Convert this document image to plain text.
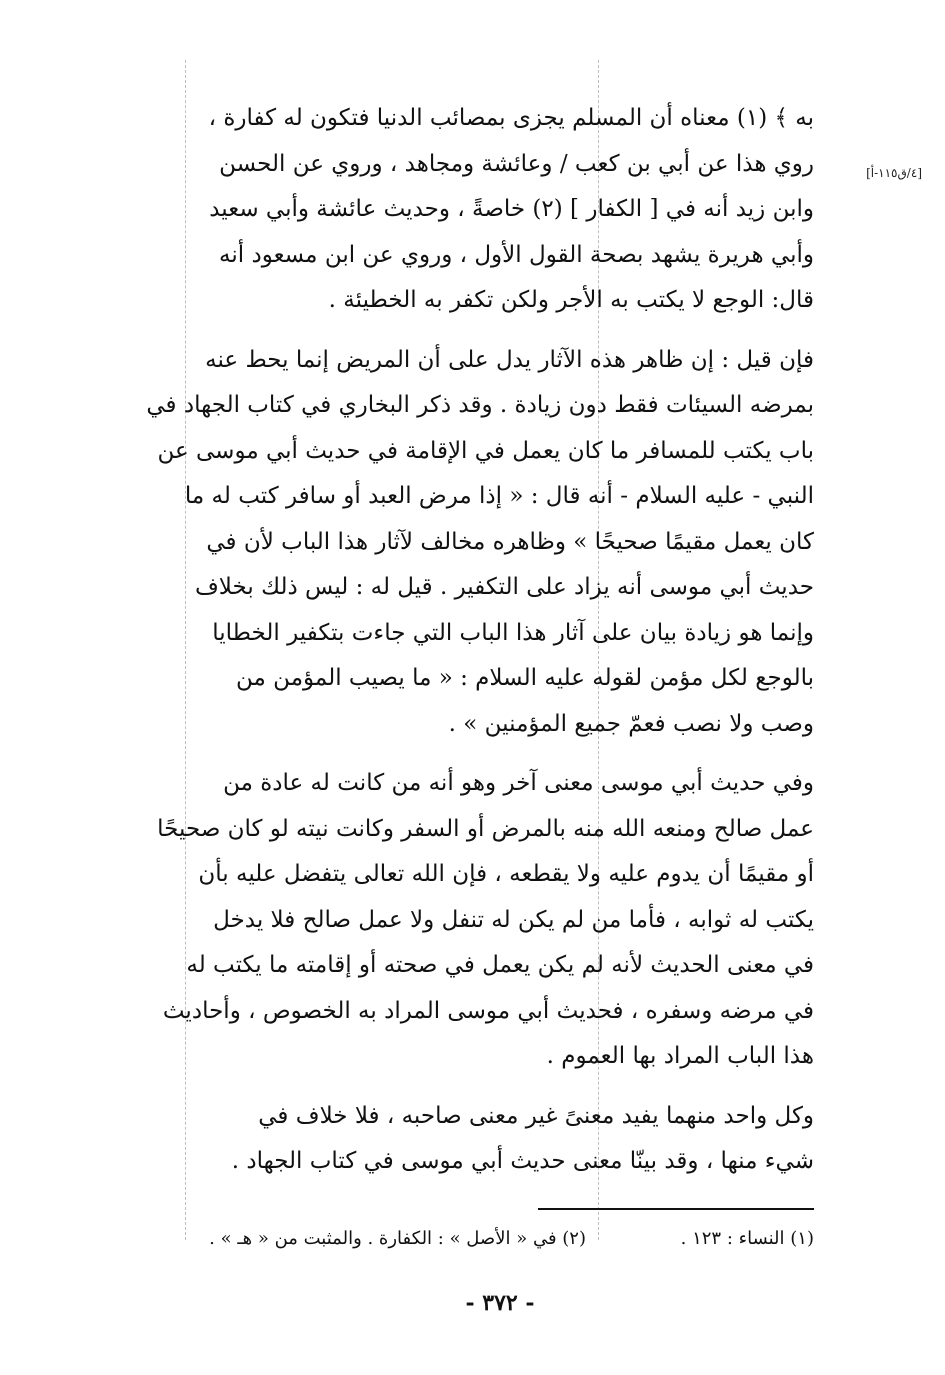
[٤/ق١١٥-أ]
به ﴾ (١) معناه أن المسلم يجزى بمصائب الدنيا فتكون له كفارة ،
روي هذا عن أبي بن كعب / وعائشة ومجاهد ، وروي عن الحسن
وابن زيد أنه في [ الكفار ] (٢) خاصةً ، وحديث عائشة وأبي سعيد
وأبي هريرة يشهد بصحة القول الأول ، وروي عن ابن مسعود أنه
قال: الوجع لا يكتب به الأجر ولكن تكفر به الخطيئة .
فإن قيل : إن ظاهر هذه الآثار يدل على أن المريض إنما يحط عنه
بمرضه السيئات فقط دون زيادة . وقد ذكر البخاري في كتاب الجهاد في
باب يكتب للمسافر ما كان يعمل في الإقامة في حديث أبي موسى عن
النبي - عليه السلام - أنه قال : « إذا مرض العبد أو سافر كتب له ما
كان يعمل مقيمًا صحيحًا » وظاهره مخالف لآثار هذا الباب لأن في
حديث أبي موسى أنه يزاد على التكفير . قيل له : ليس ذلك بخلاف
وإنما هو زيادة بيان على آثار هذا الباب التي جاءت بتكفير الخطايا
بالوجع لكل مؤمن لقوله عليه السلام : « ما يصيب المؤمن من
وصب ولا نصب فعمّ جميع المؤمنين » .
وفي حديث أبي موسى معنى آخر وهو أنه من كانت له عادة من
عمل صالح ومنعه الله منه بالمرض أو السفر وكانت نيته لو كان صحيحًا
أو مقيمًا أن يدوم عليه ولا يقطعه ، فإن الله تعالى يتفضل عليه بأن
يكتب له ثوابه ، فأما من لم يكن له تنفل ولا عمل صالح فلا يدخل
في معنى الحديث لأنه لم يكن يعمل في صحته أو إقامته ما يكتب له
في مرضه وسفره ، فحديث أبي موسى المراد به الخصوص ، وأحاديث
هذا الباب المراد بها العموم .
وكل واحد منهما يفيد معنىً غير معنى صاحبه ، فلا خلاف في
شيء منها ، وقد بينّا معنى حديث أبي موسى في كتاب الجهاد .
(١) النساء : ١٢٣ .
(٢) في « الأصل » : الكفارة . والمثبت من « هـ » .
- ٣٧٢ -
